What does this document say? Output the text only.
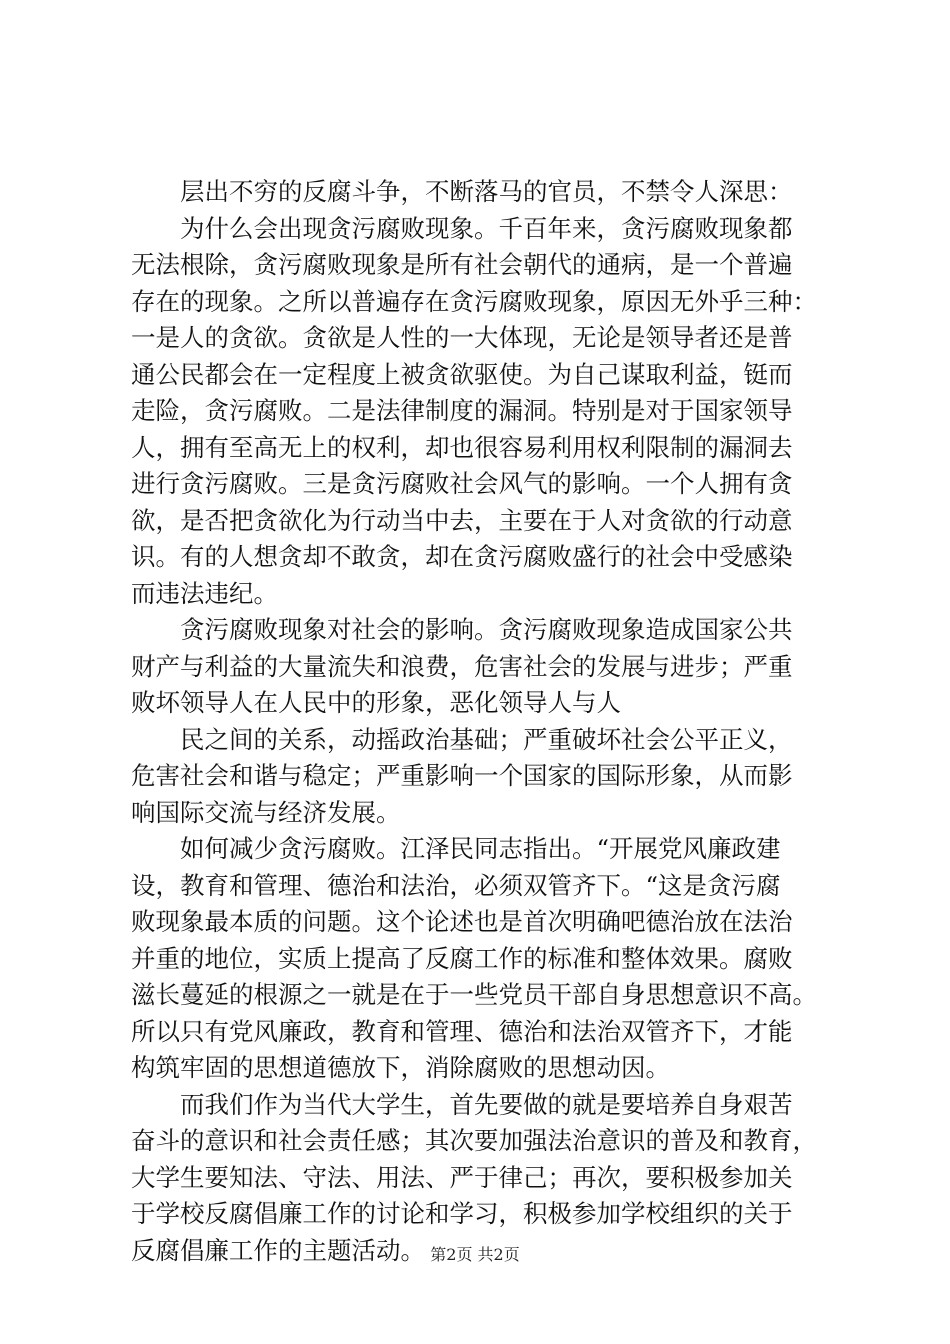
层出不穷的反腐斗争，不断落马的官员，不禁令人深思：
为什么会出现贪污腐败现象。千百年来，贪污腐败现象都
无法根除，贪污腐败现象是所有社会朝代的通病，是一个普遍
存在的现象。之所以普遍存在贪污腐败现象，原因无外乎三种：
一是人的贪欲。贪欲是人性的一大体现，无论是领导者还是普
通公民都会在一定程度上被贪欲驱使。为自己谋取利益，铤而
走险，贪污腐败。二是法律制度的漏洞。特别是对于国家领导
人，拥有至高无上的权利，却也很容易利用权利限制的漏洞去
进行贪污腐败。三是贪污腐败社会风气的影响。一个人拥有贪
欲，是否把贪欲化为行动当中去，主要在于人对贪欲的行动意
识。有的人想贪却不敢贪，却在贪污腐败盛行的社会中受感染
而违法违纪。
贪污腐败现象对社会的影响。贪污腐败现象造成国家公共
财产与利益的大量流失和浪费，危害社会的发展与进步；严重
败坏领导人在人民中的形象，恶化领导人与人
民之间的关系，动摇政治基础；严重破坏社会公平正义，
危害社会和谐与稳定；严重影响一个国家的国际形象，从而影
响国际交流与经济发展。
如何减少贪污腐败。江泽民同志指出。“开展党风廉政建
设，教育和管理、德治和法治，必须双管齐下。“这是贪污腐
败现象最本质的问题。这个论述也是首次明确吧德治放在法治
并重的地位，实质上提高了反腐工作的标准和整体效果。腐败
滋长蔓延的根源之一就是在于一些党员干部自身思想意识不高。
所以只有党风廉政，教育和管理、德治和法治双管齐下，才能
构筑牢固的思想道德放下，消除腐败的思想动因。
而我们作为当代大学生，首先要做的就是要培养自身艰苦
奋斗的意识和社会责任感；其次要加强法治意识的普及和教育，
大学生要知法、守法、用法、严于律己；再次，要积极参加关
于学校反腐倡廉工作的讨论和学习，积极参加学校组织的关于
反腐倡廉工作的主题活动。 第2页 共2页
